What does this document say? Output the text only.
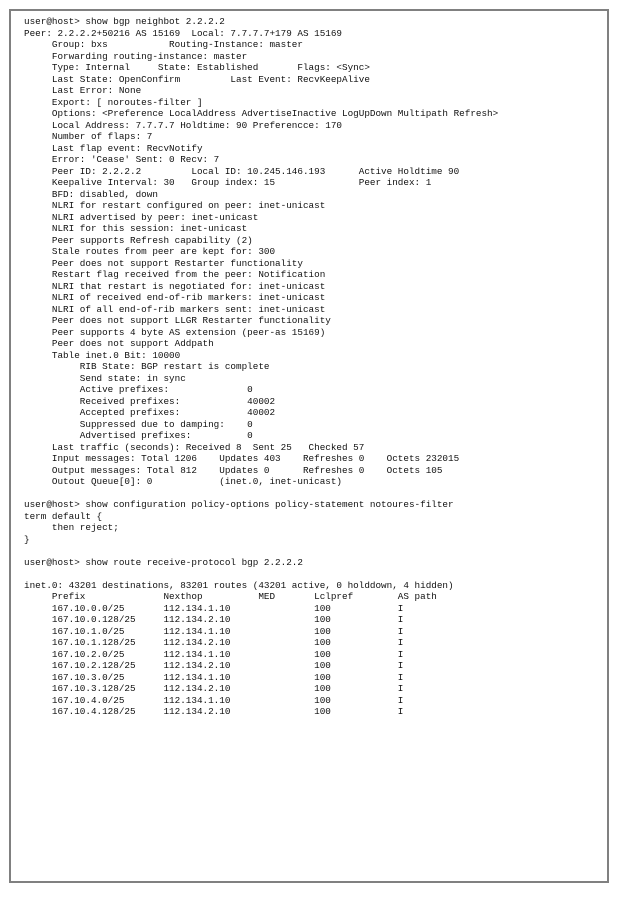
user@host> show bgp neighbot 2.2.2.2
Peer: 2.2.2.2+50216 AS 15169  Local: 7.7.7.7+179 AS 15169
Group: bxs           Routing-Instance: master
Forwarding routing-instance: master
Type: Internal     State: Established       Flags: <Sync>
Last State: OpenConfirm         Last Event: RecvKeepAlive
Last Error: None
Export: [ noroutes-filter ]
Options: <Preference LocalAddress AdvertiseInactive LogUpDown Multipath Refresh>
Local Address: 7.7.7.7 Holdtime: 90 Preferencce: 170
Number of flaps: 7
Last flap event: RecvNotify
Error: 'Cease' Sent: 0 Recv: 7
Peer ID: 2.2.2.2         Local ID: 10.245.146.193      Active Holdtime 90
Keepalive Interval: 30   Group index: 15               Peer index: 1
BFD: disabled, down
NLRI for restart configured on peer: inet-unicast
NLRI advertised by peer: inet-unicast
NLRI for this session: inet-unicast
Peer supports Refresh capability (2)
Stale routes from peer are kept for: 300
Peer does not support Restarter functionality
Restart flag received from the peer: Notification
NLRI that restart is negotiated for: inet-unicast
NLRI of received end-of-rib markers: inet-unicast
NLRI of all end-of-rib markers sent: inet-unicast
Peer does not support LLGR Restarter functionality
Peer supports 4 byte AS extension (peer-as 15169)
Peer does not support Addpath
Table inet.0 Bit: 10000
RIB State: BGP restart is complete
Send state: in sync
Active prefixes:              0
Received prefixes:            40002
Accepted prefixes:            40002
Suppressed due to damping:    0
Advertised prefixes:          0
Last traffic (seconds): Received 8  Sent 25   Checked 57
Input messages: Total 1206    Updates 403    Refreshes 0    Octets 232015
Output messages: Total 812    Updates 0      Refreshes 0    Octets 105
Outout Queue[0]: 0            (inet.0, inet-unicast)

user@host> show configuration policy-options policy-statement notoures-filter
term default {
then reject;
}

user@host> show route receive-protocol bgp 2.2.2.2

inet.0: 43201 destinations, 83201 routes (43201 active, 0 holddown, 4 hidden)
Prefix              Nexthop          MED       Lclpref        AS path
167.10.0.0/25       112.134.1.10               100            I
167.10.0.128/25     112.134.2.10               100            I
167.10.1.0/25       112.134.1.10               100            I
167.10.1.128/25     112.134.2.10               100            I
167.10.2.0/25       112.134.1.10               100            I
167.10.2.128/25     112.134.2.10               100            I
167.10.3.0/25       112.134.1.10               100            I
167.10.3.128/25     112.134.2.10               100            I
167.10.4.0/25       112.134.1.10               100            I
167.10.4.128/25     112.134.2.10               100            I
